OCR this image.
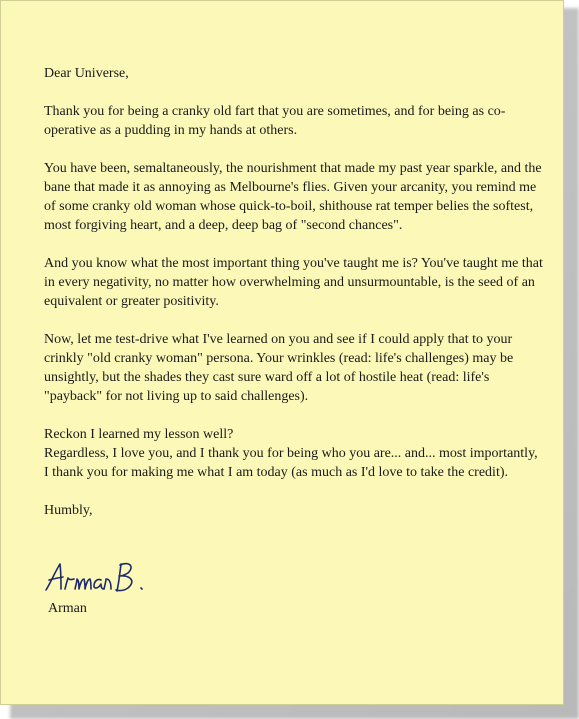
Dear Universe,

Thank you for being a cranky old fart that you are sometimes, and for being as co-operative as a pudding in my hands at others.

You have been, semaltaneously, the nourishment that made my past year sparkle, and the bane that made it as annoying as Melbourne's flies. Given your arcanity, you remind me of some cranky old woman whose quick-to-boil, shithouse rat temper belies the softest, most forgiving heart, and a deep, deep bag of "second chances".

And you know what the most important thing you've taught me is? You've taught me that in every negativity, no matter how overwhelming and unsurmountable, is the seed of an equivalent or greater positivity.

Now, let me test-drive what I've learned on you and see if I could apply that to your crinkly "old cranky woman" persona. Your wrinkles (read: life's challenges) may be unsightly, but the shades they cast sure ward off a lot of hostile heat (read: life's "payback" for not living up to said challenges).

Reckon I learned my lesson well?

Regardless, I love you, and I thank you for being who you are... and... most importantly, I thank you for making me what I am today (as much as I'd love to take the credit).

Humbly,

Arman
